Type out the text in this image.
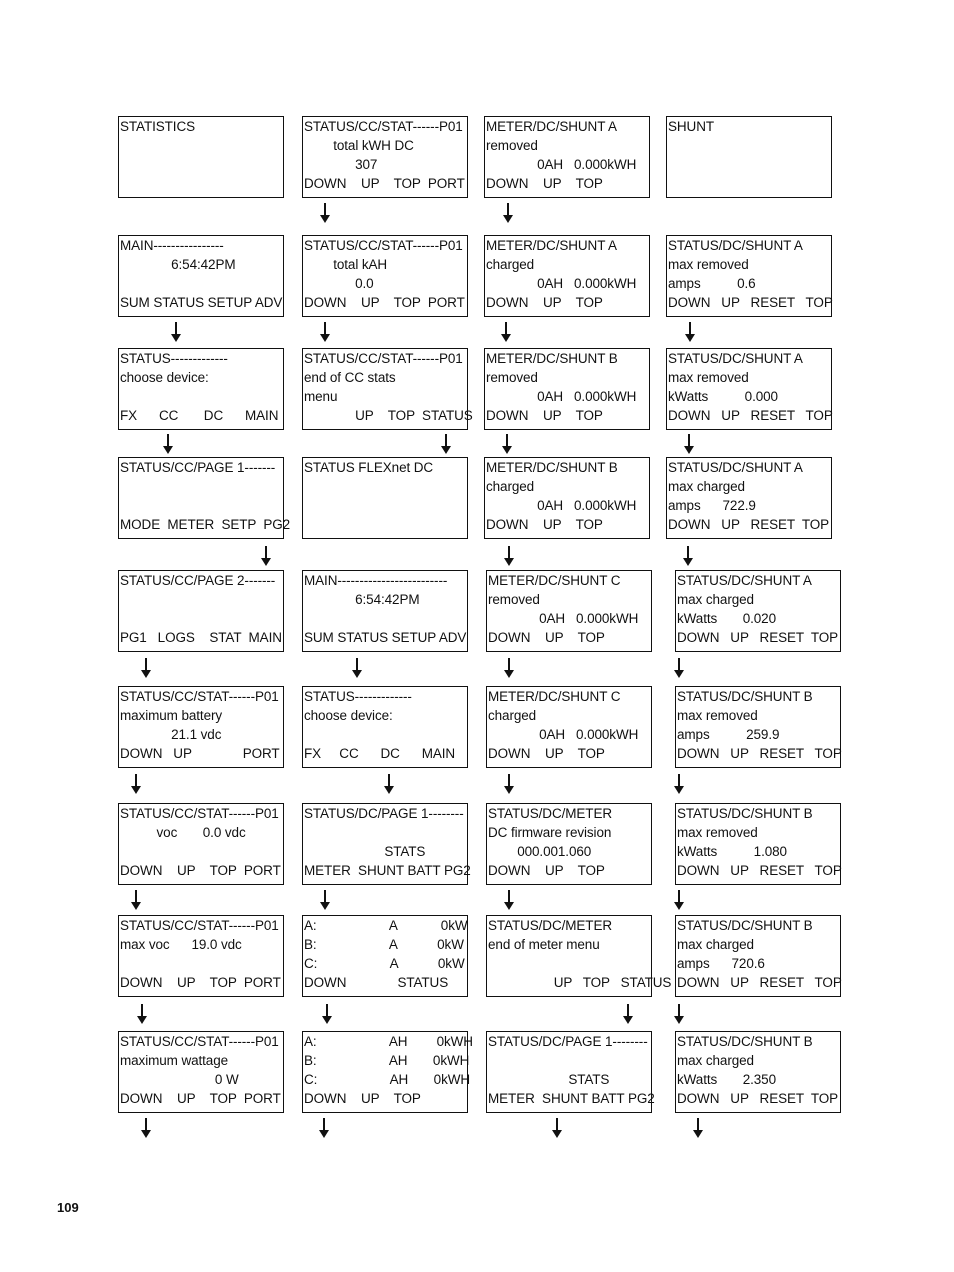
STATISTICS	STATUS/CC/STAT------P01
total kWH DC
307
DOWN    UP    TOP  PORT
METER/DC/SHUNT A
removed
0AH   0.000kWH
DOWN    UP    TOP
SHUNT
MAIN----------------
6:54:42PM
SUM STATUS SETUP ADV
STATUS/CC/STAT------P01
total kAH
0.0
DOWN    UP    TOP  PORT
METER/DC/SHUNT A
charged
0AH   0.000kWH
DOWN    UP    TOP
STATUS/DC/SHUNT A
max removed
amps          0.6
DOWN   UP   RESET   TOP
STATUS-------------
choose device:
FX      CC       DC      MAIN
STATUS/CC/STAT------P01
end of CC stats
menu
UP    TOP  STATUS
METER/DC/SHUNT B
removed
0AH   0.000kWH
DOWN    UP    TOP
STATUS/DC/SHUNT A
max removed
kWatts          0.000
DOWN   UP   RESET   TOP
STATUS/CC/PAGE 1-------
MODE  METER  SETP  PG2
STATUS FLEXnet DC	METER/DC/SHUNT B
charged
0AH   0.000kWH
DOWN    UP    TOP
STATUS/DC/SHUNT A
max charged
amps      722.9
DOWN   UP   RESET  TOP
STATUS/CC/PAGE 2-------
PG1   LOGS    STAT  MAIN
MAIN-------------------------
6:54:42PM
SUM STATUS SETUP ADV
METER/DC/SHUNT C
removed
0AH   0.000kWH
DOWN    UP    TOP
STATUS/DC/SHUNT A
max charged
kWatts       0.020
DOWN   UP   RESET  TOP
STATUS/CC/STAT------P01
maximum battery
21.1 vdc
DOWN   UP              PORT
STATUS-------------
choose device:
FX     CC      DC      MAIN
METER/DC/SHUNT C
charged
0AH   0.000kWH
DOWN    UP    TOP
STATUS/DC/SHUNT B
max removed
amps          259.9
DOWN   UP   RESET   TOP
STATUS/CC/STAT------P01
voc       0.0 vdc
DOWN    UP    TOP  PORT
STATUS/DC/PAGE 1--------
STATS
METER  SHUNT BATT PG2
STATUS/DC/METER
DC firmware revision
000.001.060
DOWN    UP    TOP
STATUS/DC/SHUNT B
max removed
kWatts          1.080
DOWN   UP   RESET   TOP
STATUS/CC/STAT------P01
max voc      19.0 vdc
DOWN    UP    TOP  PORT
A:                    A            0kW
B:                    A           0kW
C:                    A           0kW
DOWN              STATUS
STATUS/DC/METER
end of meter menu
UP   TOP   STATUS
STATUS/DC/SHUNT B
max charged
amps      720.6
DOWN   UP   RESET   TOP
STATUS/CC/STAT------P01
maximum wattage
0 W
DOWN    UP    TOP  PORT
A:                    AH        0kWH
B:                    AH       0kWH
C:                    AH       0kWH
DOWN    UP    TOP
STATUS/DC/PAGE 1--------
STATS
METER  SHUNT BATT PG2
STATUS/DC/SHUNT B
max charged
kWatts       2.350
DOWN   UP   RESET  TOP
109
